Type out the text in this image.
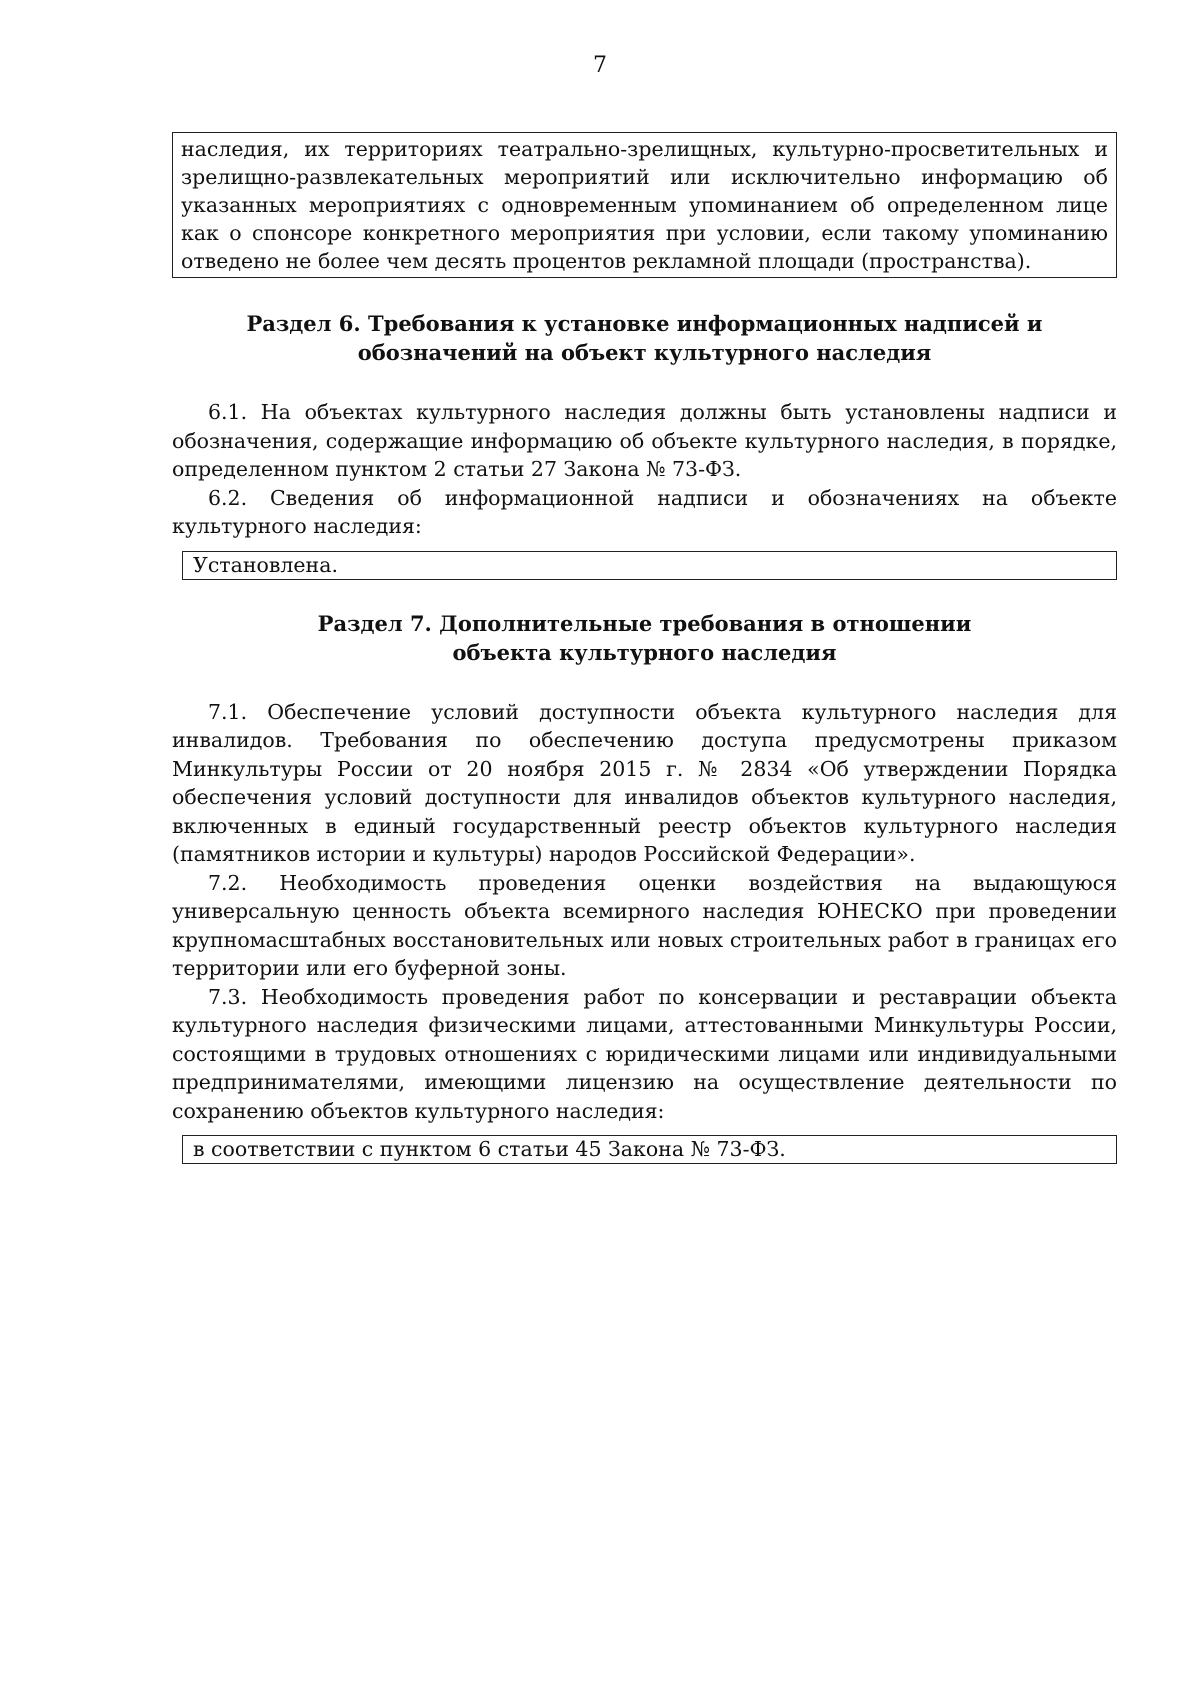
7
наследия, их территориях театрально-зрелищных, культурно-просветительных и зрелищно-развлекательных мероприятий или исключительно информацию об указанных мероприятиях с одновременным упоминанием об определенном лице как о спонсоре конкретного мероприятия при условии, если такому упоминанию отведено не более чем десять процентов рекламной площади (пространства).
Раздел 6. Требования к установке информационных надписей и
обозначений на объект культурного наследия

6.1. На объектах культурного наследия должны быть установлены надписи и обозначения, содержащие информацию об объекте культурного наследия, в порядке, определенном пунктом 2 статьи 27 Закона № 73-ФЗ.

6.2. Сведения об информационной надписи и обозначениях на объекте культурного наследия:

Установлена.
Раздел 7. Дополнительные требования в отношении
объекта культурного наследия

7.1. Обеспечение условий доступности объекта культурного наследия для инвалидов. Требования по обеспечению доступа предусмотрены приказом Минкультуры России от 20 ноября 2015 г. № 2834 «Об утверждении Порядка обеспечения условий доступности для инвалидов объектов культурного наследия, включенных в единый государственный реестр объектов культурного наследия (памятников истории и культуры) народов Российской Федерации».

7.2. Необходимость проведения оценки воздействия на выдающуюся универсальную ценность объекта всемирного наследия ЮНЕСКО при проведении крупномасштабных восстановительных или новых строительных работ в границах его территории или его буферной зоны.

7.3. Необходимость проведения работ по консервации и реставрации объекта культурного наследия физическими лицами, аттестованными Минкультуры России, состоящими в трудовых отношениях с юридическими лицами или индивидуальными предпринимателями, имеющими лицензию на осуществление деятельности по сохранению объектов культурного наследия:

в соответствии с пунктом 6 статьи 45 Закона № 73-ФЗ.
